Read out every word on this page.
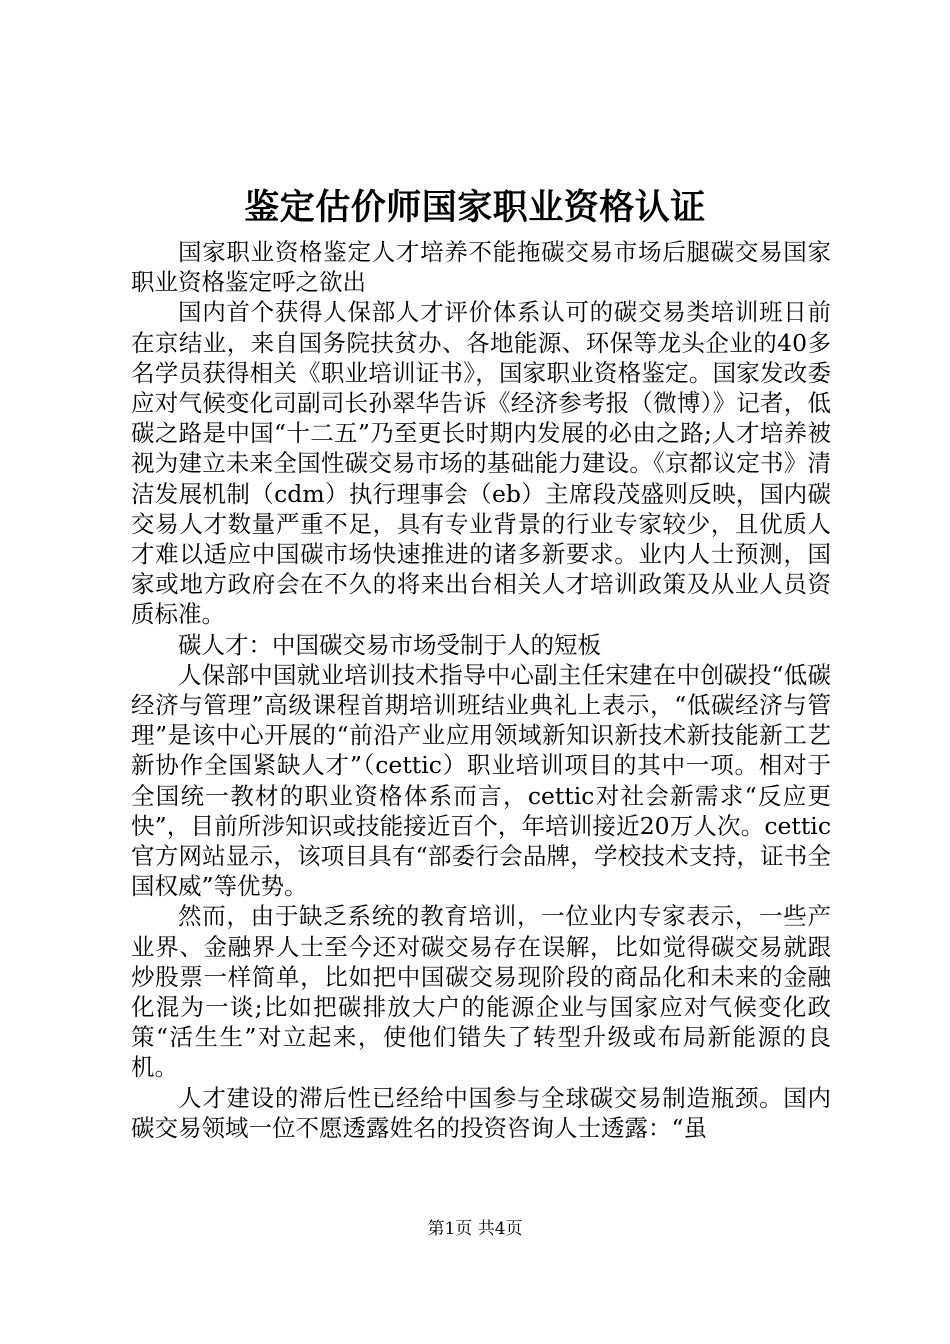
鉴定估价师国家职业资格认证

国家职业资格鉴定人才培养不能拖碳交易市场后腿碳交易国家职业资格鉴定呼之欲出

国内首个获得人保部人才评价体系认可的碳交易类培训班日前在京结业，来自国务院扶贫办、各地能源、环保等龙头企业的40多名学员获得相关《职业培训证书》，国家职业资格鉴定。国家发改委应对气候变化司副司长孙翠华告诉《经济参考报（微博）》记者，低碳之路是中国“十二五”乃至更长时期内发展的必由之路;人才培养被视为建立未来全国性碳交易市场的基础能力建设。《京都议定书》清洁发展机制（cdm）执行理事会（eb）主席段茂盛则反映，国内碳交易人才数量严重不足，具有专业背景的行业专家较少，且优质人才难以适应中国碳市场快速推进的诸多新要求。业内人士预测，国家或地方政府会在不久的将来出台相关人才培训政策及从业人员资质标准。

碳人才：中国碳交易市场受制于人的短板

人保部中国就业培训技术指导中心副主任宋建在中创碳投“低碳经济与管理”高级课程首期培训班结业典礼上表示，“低碳经济与管理”是该中心开展的“前沿产业应用领域新知识新技术新技能新工艺新协作全国紧缺人才”（cettic）职业培训项目的其中一项。相对于全国统一教材的职业资格体系而言，cettic对社会新需求“反应更快”，目前所涉知识或技能接近百个，年培训接近20万人次。cettic官方网站显示，该项目具有“部委行会品牌，学校技术支持，证书全国权威”等优势。

然而，由于缺乏系统的教育培训，一位业内专家表示，一些产业界、金融界人士至今还对碳交易存在误解，比如觉得碳交易就跟炒股票一样简单，比如把中国碳交易现阶段的商品化和未来的金融化混为一谈;比如把碳排放大户的能源企业与国家应对气候变化政策“活生生”对立起来，使他们错失了转型升级或布局新能源的良机。

人才建设的滞后性已经给中国参与全球碳交易制造瓶颈。国内碳交易领域一位不愿透露姓名的投资咨询人士透露：“虽

第1页 共4页
